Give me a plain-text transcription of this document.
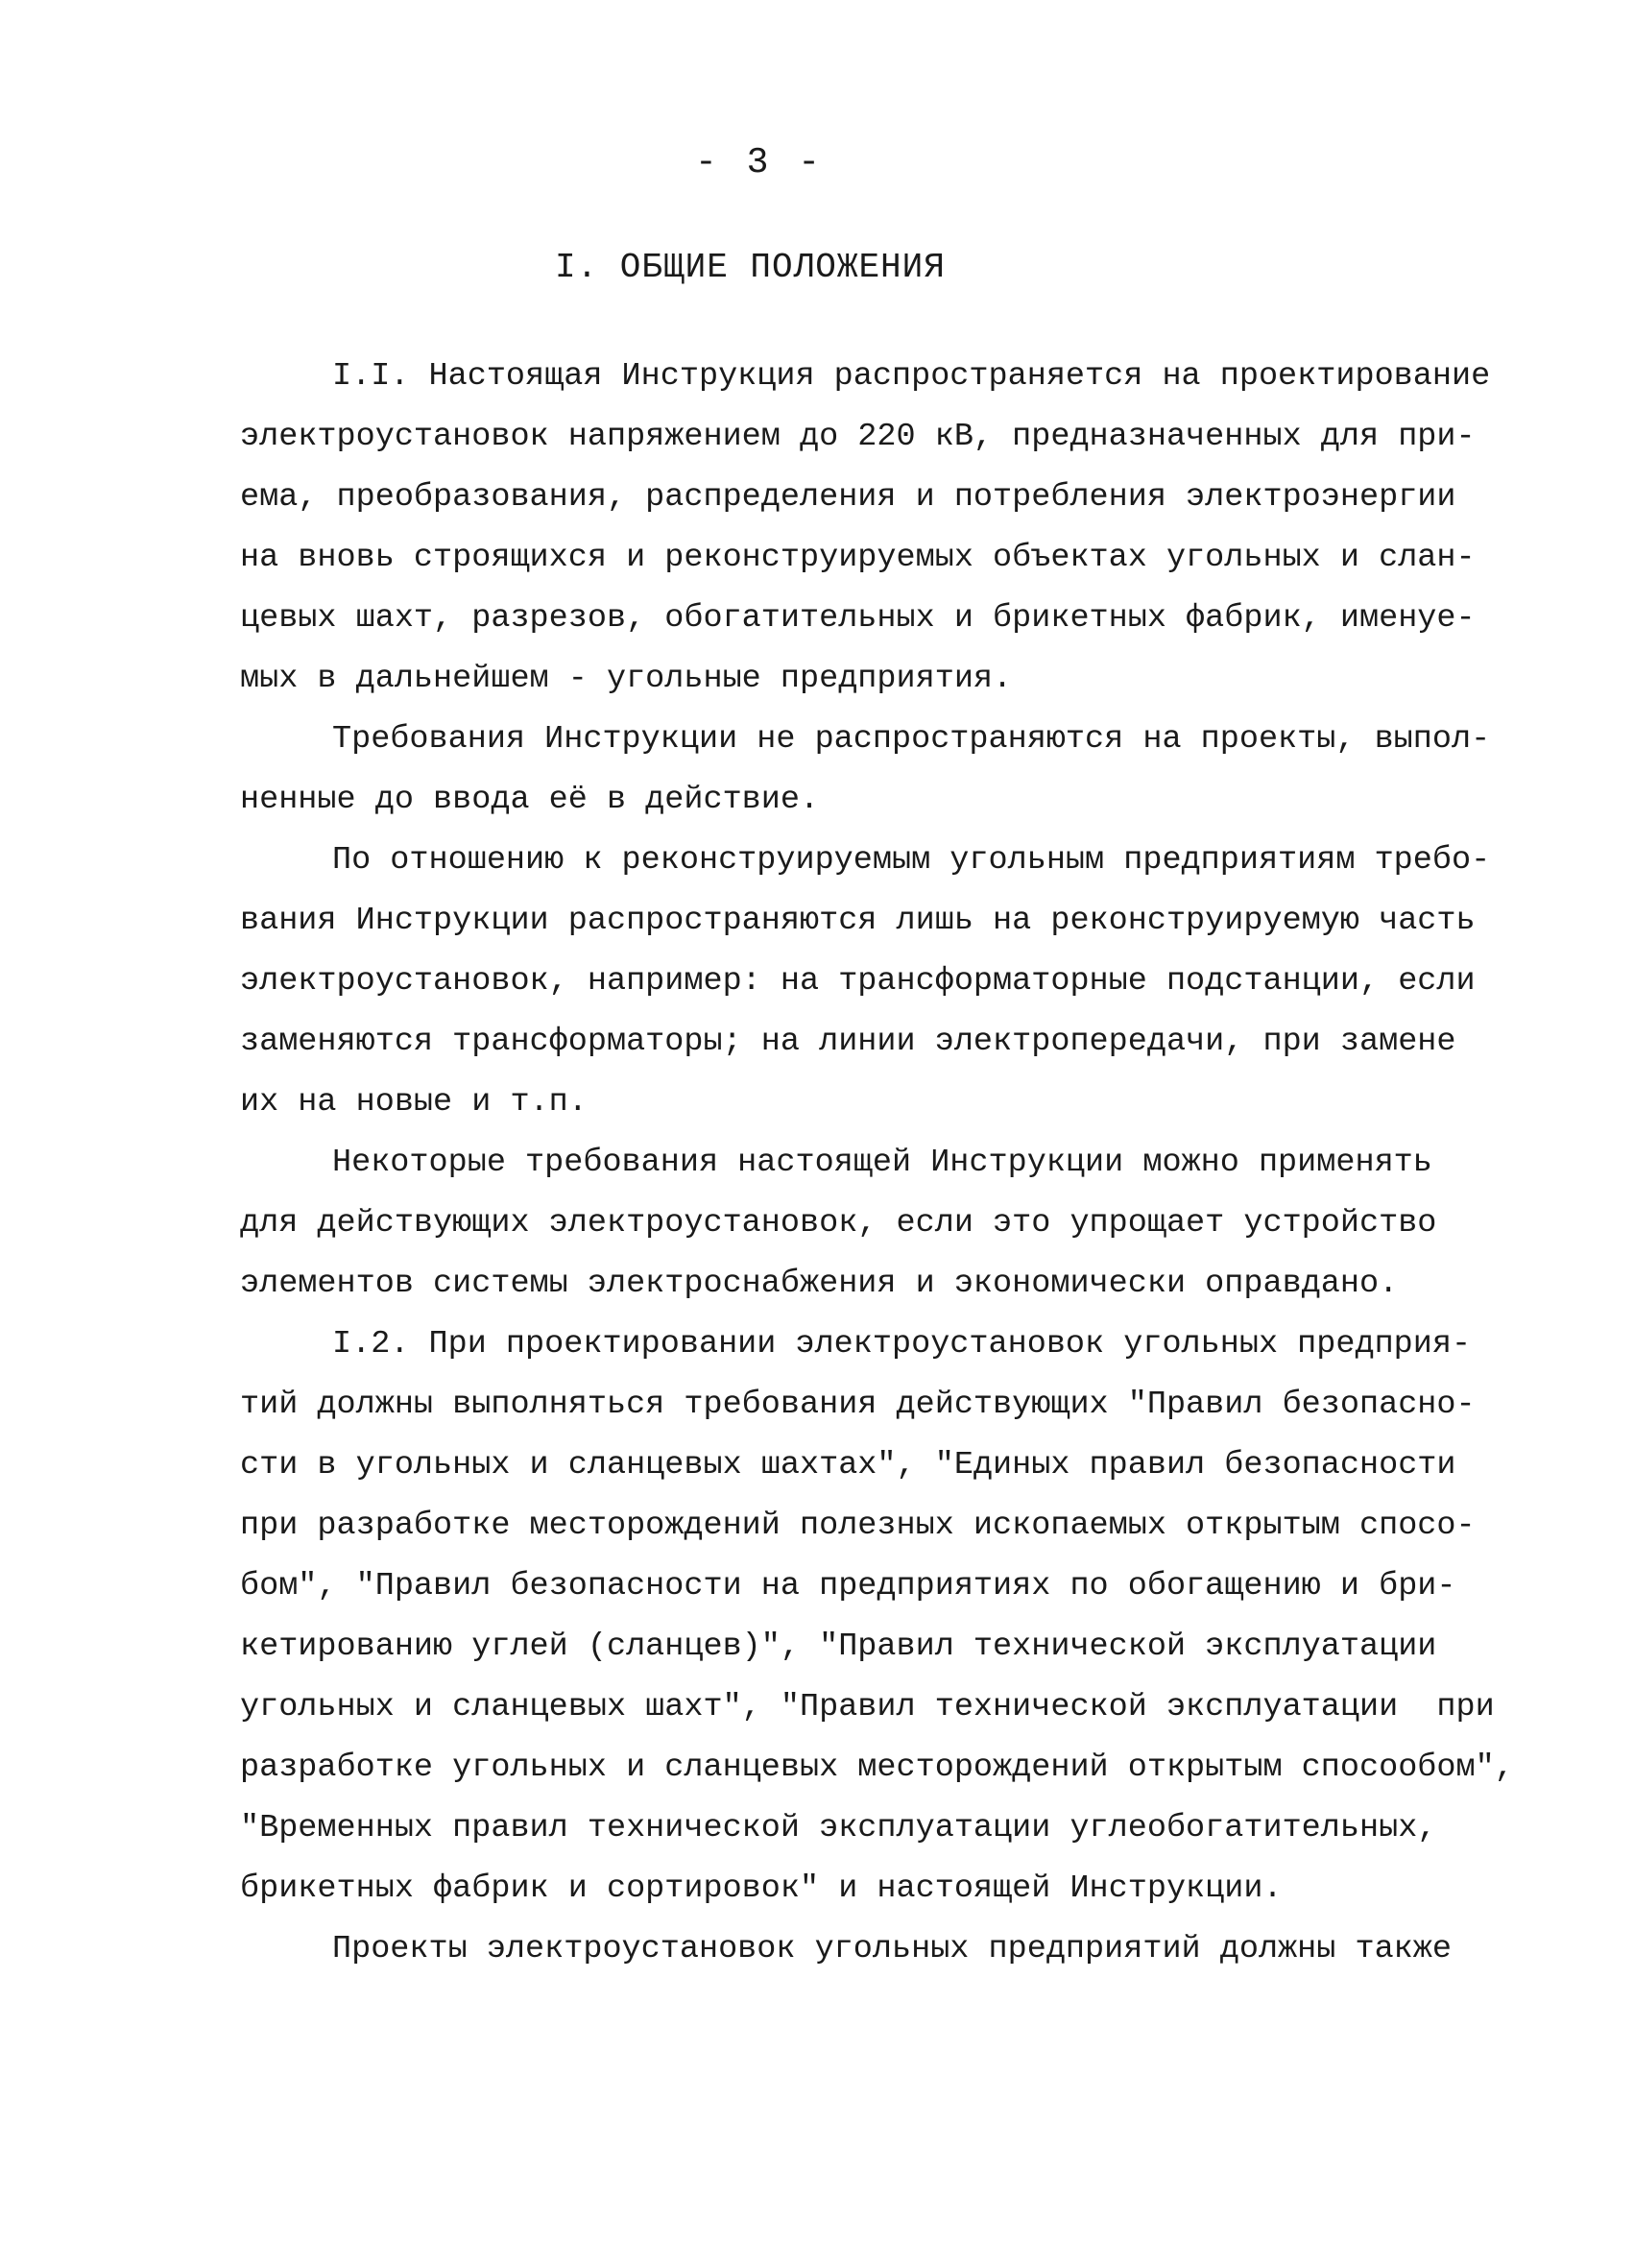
- 3 -
I. ОБЩИЕ ПОЛОЖЕНИЯ
I.I. Настоящая Инструкция распространяется на проектирование
электроустановок напряжением до 220 кВ, предназначенных для при-
ема, преобразования, распределения и потребления электроэнергии
на вновь строящихся и реконструируемых объектах угольных и слан-
цевых шахт, разрезов, обогатительных и брикетных фабрик, именуе-
мых в дальнейшем - угольные предприятия.
Требования Инструкции не распространяются на проекты, выпол-
ненные до ввода её в действие.
По отношению к реконструируемым угольным предприятиям требо-
вания Инструкции распространяются лишь на реконструируемую часть
электроустановок, например: на трансформаторные подстанции, если
заменяются трансформаторы; на линии электропередачи, при замене
их на новые и т.п.
Некоторые требования настоящей Инструкции можно применять
для действующих электроустановок, если это упрощает устройство
элементов системы электроснабжения и экономически оправдано.
I.2. При проектировании электроустановок угольных предприя-
тий должны выполняться требования действующих "Правил безопасно-
сти в угольных и сланцевых шахтах", "Единых правил безопасности
при разработке месторождений полезных ископаемых открытым спосо-
бом", "Правил безопасности на предприятиях по обогащению и бри-
кетированию углей (сланцев)", "Правил технической эксплуатации
угольных и сланцевых шахт", "Правил технической эксплуатации  при
разработке угольных и сланцевых месторождений открытым спосообом",
"Временных правил технической эксплуатации углеобогатительных,
брикетных фабрик и сортировок" и настоящей Инструкции.
Проекты электроустановок угольных предприятий должны также
